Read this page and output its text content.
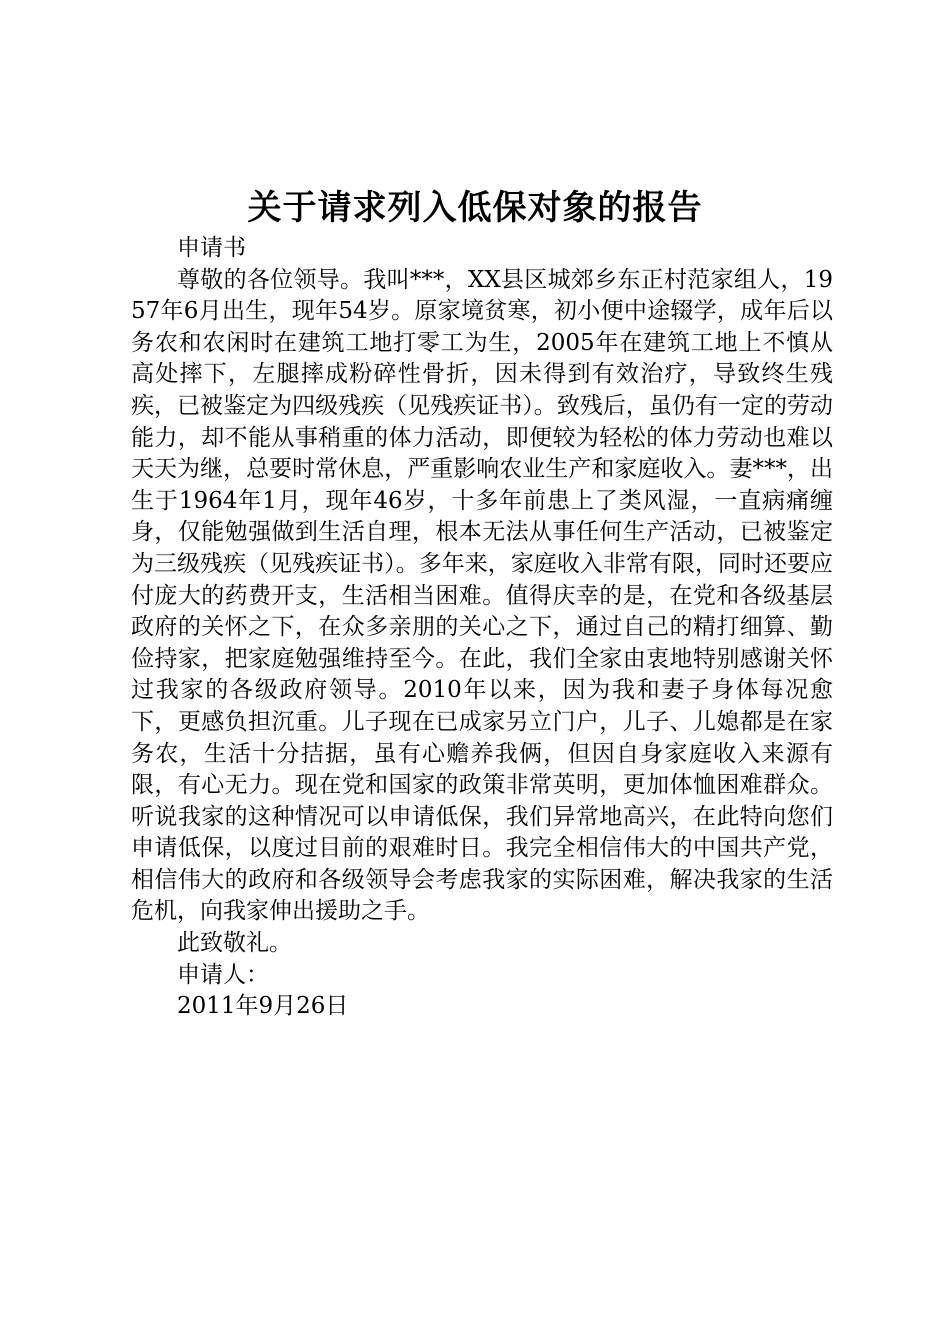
关于请求列入低保对象的报告

申请书

尊敬的各位领导。我叫***，XX县区城郊乡东正村范家组人，1957年6月出生，现年54岁。原家境贫寒，初小便中途辍学，成年后以务农和农闲时在建筑工地打零工为生，2005年在建筑工地上不慎从高处摔下，左腿摔成粉碎性骨折，因未得到有效治疗，导致终生残疾，已被鉴定为四级残疾（见残疾证书）。致残后，虽仍有一定的劳动能力，却不能从事稍重的体力活动，即便较为轻松的体力劳动也难以天天为继，总要时常休息，严重影响农业生产和家庭收入。妻***，出生于1964年1月，现年46岁，十多年前患上了类风湿，一直病痛缠身，仅能勉强做到生活自理，根本无法从事任何生产活动，已被鉴定为三级残疾（见残疾证书）。多年来，家庭收入非常有限，同时还要应付庞大的药费开支，生活相当困难。值得庆幸的是，在党和各级基层政府的关怀之下，在众多亲朋的关心之下，通过自己的精打细算、勤俭持家，把家庭勉强维持至今。在此，我们全家由衷地特别感谢关怀过我家的各级政府领导。2010年以来，因为我和妻子身体每况愈下，更感负担沉重。儿子现在已成家另立门户，儿子、儿媳都是在家务农，生活十分拮据，虽有心赡养我俩，但因自身家庭收入来源有限，有心无力。现在党和国家的政策非常英明，更加体恤困难群众。听说我家的这种情况可以申请低保，我们异常地高兴，在此特向您们申请低保，以度过目前的艰难时日。我完全相信伟大的中国共产党，相信伟大的政府和各级领导会考虑我家的实际困难，解决我家的生活危机，向我家伸出援助之手。

此致敬礼。

申请人：

2011年9月26日
